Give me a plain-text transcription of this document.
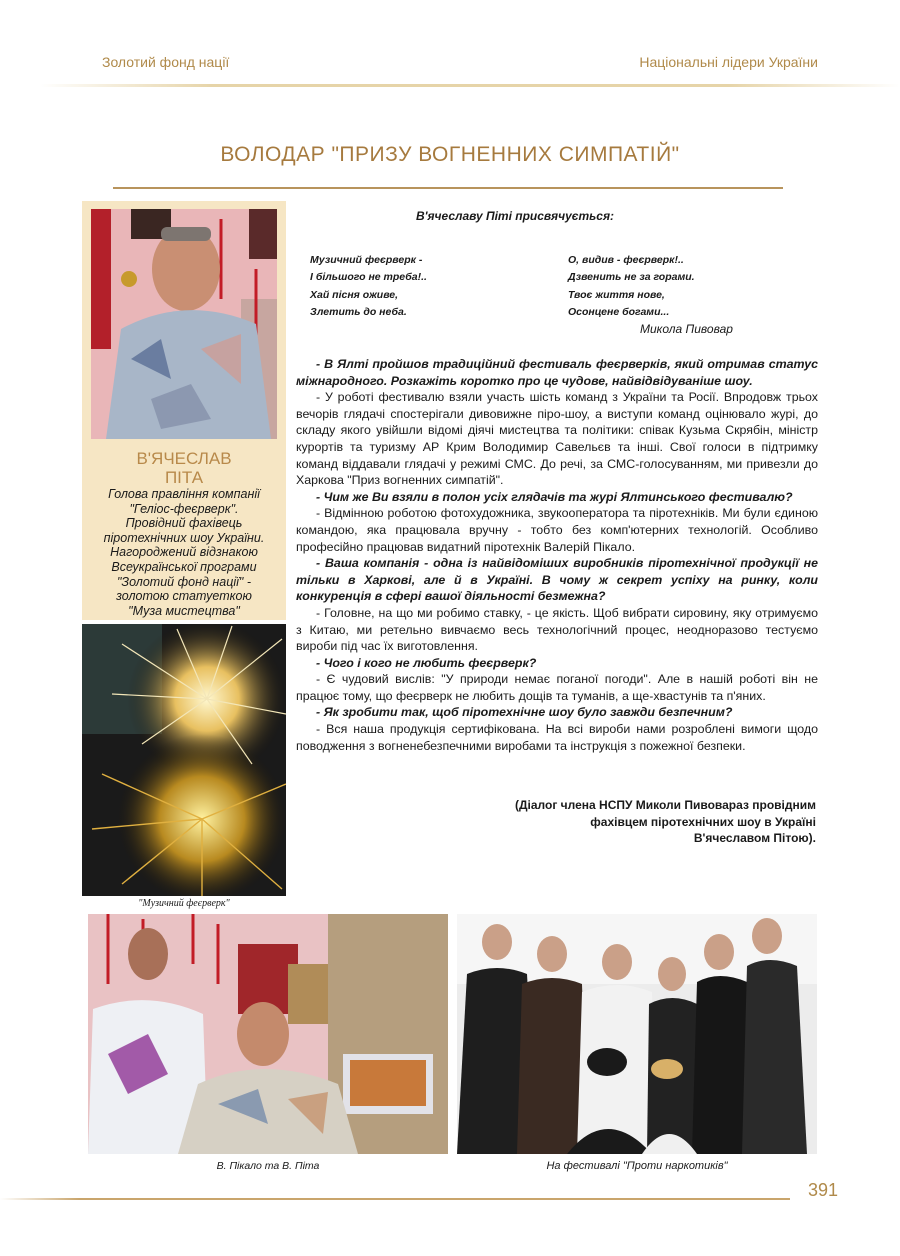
Золотий фонд нації	Національні лідери України
ВОЛОДАР "ПРИЗУ ВОГНЕННИХ СИМПАТІЙ"
В'ЯЧЕСЛАВ
ПІТА
Голова правління компанії
"Геліос-феєрверк".
Провідний фахівець
піротехнічних шоу України.
Нагороджений відзнакою
Всеукраїнської програми
"Золотий фонд нації" -
золотою статуеткою
"Муза мистецтва"
"Музичний феєрверк"
В'ячеславу Піті присвячується:
Музичний феєрверк -
І більшого не треба!..
Хай пісня оживе,
Злетить до неба.
О, видив - феєрверк!..
Дзвенить не за горами.
Твоє життя нове,
Осонцене богами...
Микола Пивовар

- В Ялті пройшов традиційний фестиваль феєрверків, який отримав статус міжнародного. Розкажіть коротко про це чудове, найвідвідуваніше шоу.

- У роботі фестивалю взяли участь шість команд з України та Росії. Впродовж трьох вечорів глядачі спостерігали дивовижне піро-шоу, а виступи команд оцінювало журі, до складу якого увійшли відомі діячі мистецтва та політики: співак Кузьма Скрябін, міністр курортів та туризму АР Крим Володимир Савельєв та інші. Свої голоси в підтримку команд віддавали глядачі у режимі СМС. До речі, за СМС-голосуванням, ми привезли до Харкова "Приз вогненних симпатій".

- Чим же Ви взяли в полон усіх глядачів та журі Ялтинського фестивалю?

- Відмінною роботою фотохудожника, звукооператора та піротехніків. Ми були єдиною командою, яка працювала вручну - тобто без комп'ютерних технологій. Особливо професійно працював видатний піротехнік Валерій Пікало.

- Ваша компанія - одна із найвідоміших виробників піротехнічної продукції не тільки в Харкові, але й в Україні. В чому ж секрет успіху на ринку, коли конкуренція в сфері вашої діяльності безмежна?

- Головне, на що ми робимо ставку, - це якість. Щоб вибрати сировину, яку отримуємо з Китаю, ми ретельно вивчаємо весь технологічний процес, неодноразово тестуємо вироби під час їх виготовлення.

- Чого і кого не любить феєрверк?

- Є чудовий вислів: "У природи немає поганої погоди". Але в нашій роботі він не працює тому, що феєрверк не любить дощів та туманів, а ще-хвастунів та п'яних.

- Як зробити так, щоб піротехнічне шоу було завжди безпечним?

- Вся наша продукція сертифікована. На всі вироби нами розроблені вимоги щодо поводження з вогненебезпечними виробами та інструкція з пожежної безпеки.

(Діалог члена НСПУ Миколи Пивовараз провідним
фахівцем піротехнічних шоу в Україні
В'ячеславом Пітою).
В. Пікало та В. Піта	На фестивалі "Проти наркотиків"
391
